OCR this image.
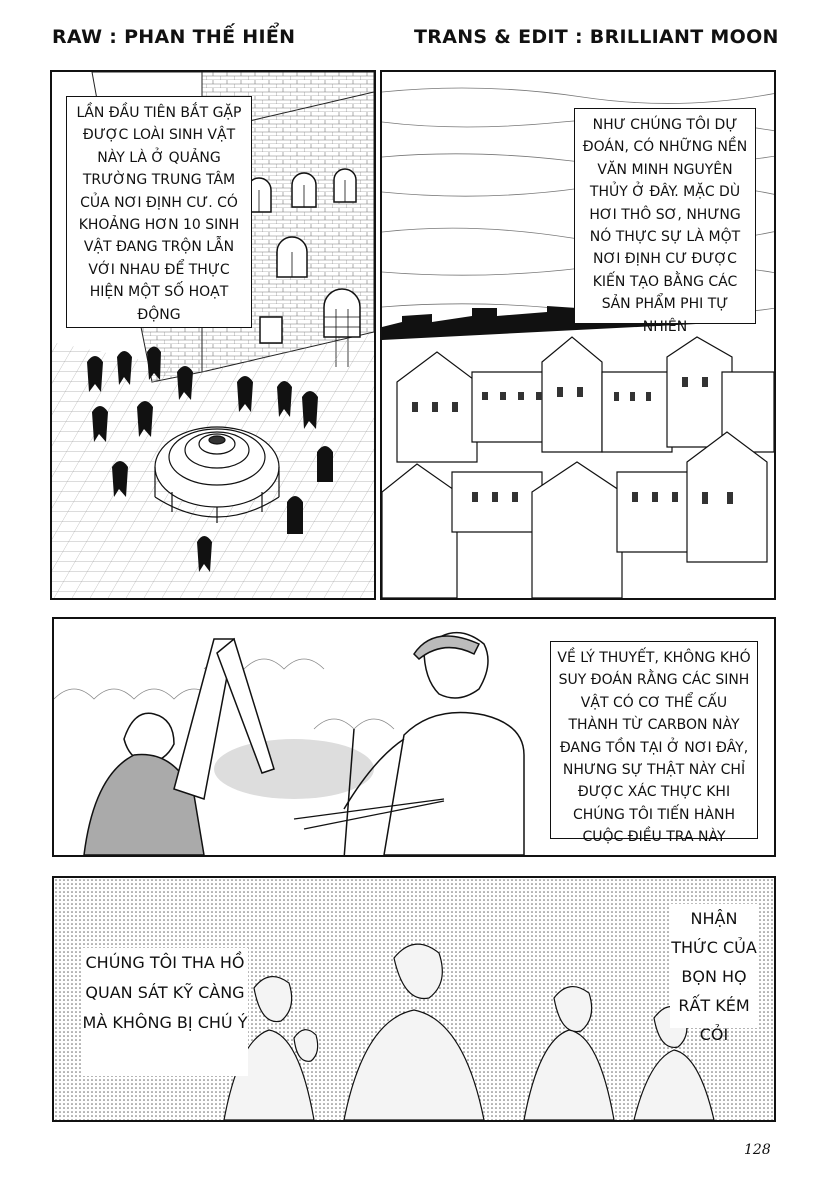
RAW : PHAN THẾ HIỂN	TRANS & EDIT : BRILLIANT MOON
LẦN ĐẦU TIÊN BẮT GẶP ĐƯỢC LOÀI SINH VẬT NÀY LÀ Ở QUẢNG TRƯỜNG TRUNG TÂM CỦA NƠI ĐỊNH CƯ. CÓ KHOẢNG HƠN 10 SINH VẬT ĐANG TRỘN LẪN VỚI NHAU ĐỂ THỰC HIỆN MỘT SỐ HOẠT ĐỘNG
NHƯ CHÚNG TÔI DỰ ĐOÁN, CÓ NHỮNG NỀN VĂN MINH NGUYÊN THỦY Ở ĐÂY. MẶC DÙ HƠI THÔ SƠ, NHƯNG NÓ THỰC SỰ LÀ MỘT NƠI ĐỊNH CƯ ĐƯỢC KIẾN TẠO BẰNG CÁC SẢN PHẨM PHI TỰ NHIÊN
VỀ LÝ THUYẾT, KHÔNG KHÓ SUY ĐOÁN RẰNG CÁC SINH VẬT CÓ CƠ THỂ CẤU THÀNH TỪ CARBON NÀY ĐANG TỒN TẠI Ở NƠI ĐÂY, NHƯNG SỰ THẬT NÀY CHỈ ĐƯỢC XÁC THỰC KHI CHÚNG TÔI TIẾN HÀNH CUỘC ĐIỀU TRA NÀY
CHÚNG TÔI THA HỒ QUAN SÁT KỸ CÀNG MÀ KHÔNG BỊ CHÚ Ý
NHẬN THỨC CỦA BỌN HỌ RẤT KÉM CỎI
128
